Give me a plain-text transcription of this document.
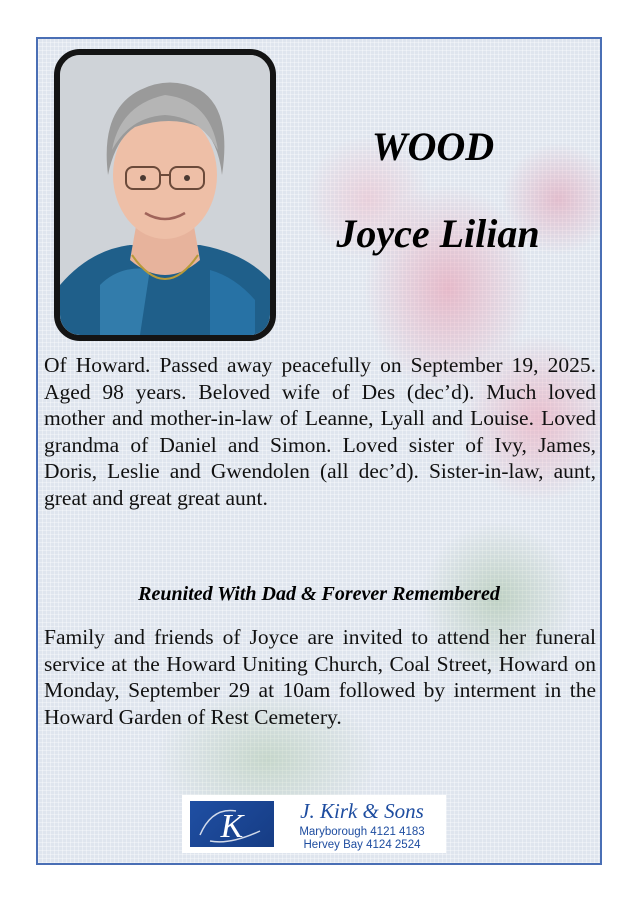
WOOD
Joyce Lilian
Of Howard. Passed away peacefully on September 19, 2025. Aged 98 years. Beloved wife of Des (dec’d). Much loved mother and mother-in-law of Leanne, Lyall and Louise. Loved grandma of Daniel and Simon. Loved sister of Ivy, James, Doris, Leslie and Gwendolen (all dec’d). Sister-in-law, aunt, great and great great aunt.
Reunited With Dad & Forever Remembered
Family and friends of Joyce are invited to attend her funeral service at the Howard Uniting Church, Coal Street, Howard on Monday, September 29 at 10am followed by interment in the Howard Garden of Rest Cemetery.
K	J. Kirk & Sons
Maryborough 4121 4183
Hervey Bay 4124 2524
